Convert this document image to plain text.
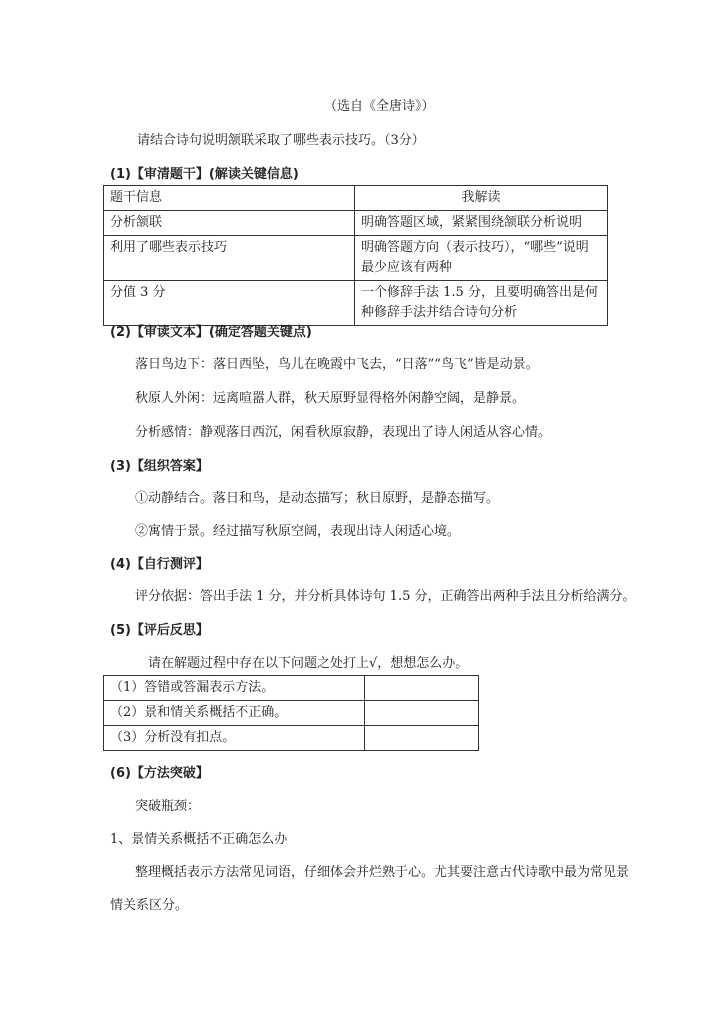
（选自《全唐诗》）
请结合诗句说明颔联采取了哪些表示技巧。（3分）
(1)【审清题干】(解读关键信息)
题干信息	我解读
分析颔联	明确答题区域，紧紧围绕颔联分析说明
利用了哪些表示技巧	明确答题方向（表示技巧），“哪些”说明最少应该有两种
分值 3 分	一个修辞手法 1.5 分，且要明确答出是何种修辞手法并结合诗句分析
(2)【审读文本】(确定答题关键点)
落日鸟边下：落日西坠，鸟儿在晚霞中飞去，“日落”“鸟飞”皆是动景。
秋原人外闲：远离喧嚣人群，秋天原野显得格外闲静空阔，是静景。
分析感情：静观落日西沉，闲看秋原寂静，表现出了诗人闲适从容心情。
(3)【组织答案】
①动静结合。落日和鸟，是动态描写；秋日原野，是静态描写。
②寓情于景。经过描写秋原空阔，表现出诗人闲适心境。
(4)【自行测评】
评分依据：答出手法 1 分，并分析具体诗句 1.5 分，正确答出两种手法且分析给满分。
(5)【评后反思】
请在解题过程中存在以下问题之处打上√，想想怎么办。
（1）答错或答漏表示方法。	
（2）景和情关系概括不正确。	
（3）分析没有扣点。	
(6)【方法突破】
突破瓶颈：
1、景情关系概括不正确怎么办
整理概括表示方法常见词语，仔细体会并烂熟于心。尤其要注意古代诗歌中最为常见景
情关系区分。
